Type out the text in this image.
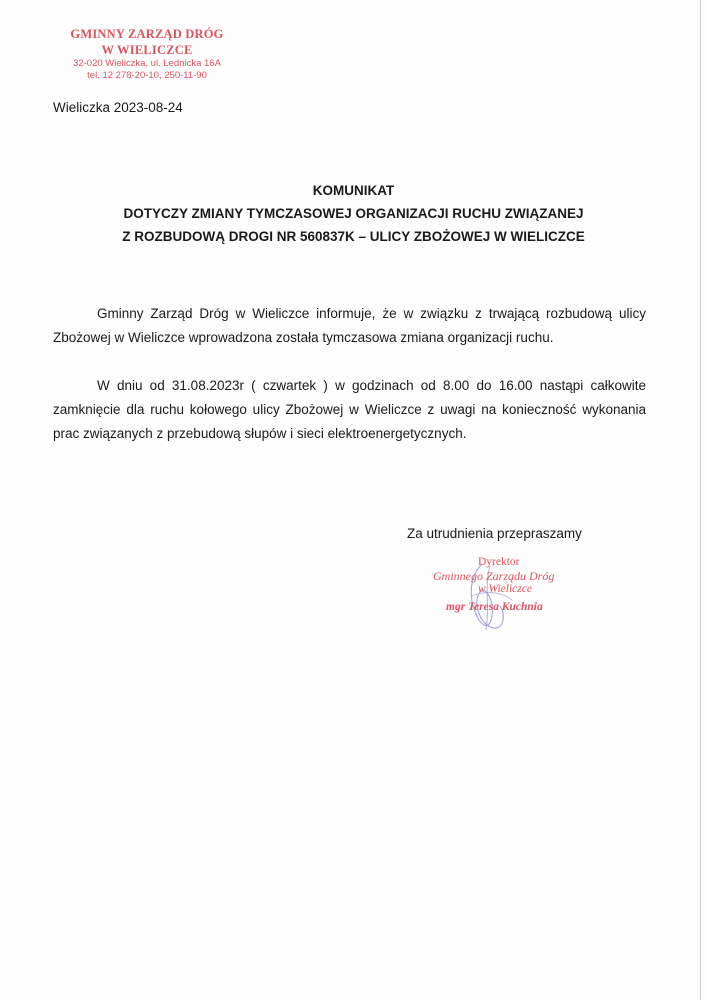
GMINNY ZARZĄD DRÓG
W WIELICZCE
32-020 Wieliczka, ul. Lednicka 16A
tel. 12 278-20-10, 250-11-90
Wieliczka 2023-08-24
KOMUNIKAT
DOTYCZY ZMIANY TYMCZASOWEJ ORGANIZACJI RUCHU ZWIĄZANEJ
Z ROZBUDOWĄ DROGI NR 560837K – ULICY ZBOŻOWEJ W WIELICZCE
Gminny Zarząd Dróg w Wieliczce informuje, że w związku z trwającą rozbudową ulicy Zbożowej w Wieliczce wprowadzona została tymczasowa zmiana organizacji ruchu.
W dniu od 31.08.2023r ( czwartek ) w godzinach od 8.00 do 16.00 nastąpi całkowite zamknięcie dla ruchu kołowego ulicy Zbożowej w Wieliczce z uwagi na konieczność wykonania prac związanych z przebudową słupów i sieci elektroenergetycznych.
Za utrudnienia przepraszamy
Dyrektor
Gminnego Zarządu Dróg
w Wieliczce
mgr Teresa Kuchnia
